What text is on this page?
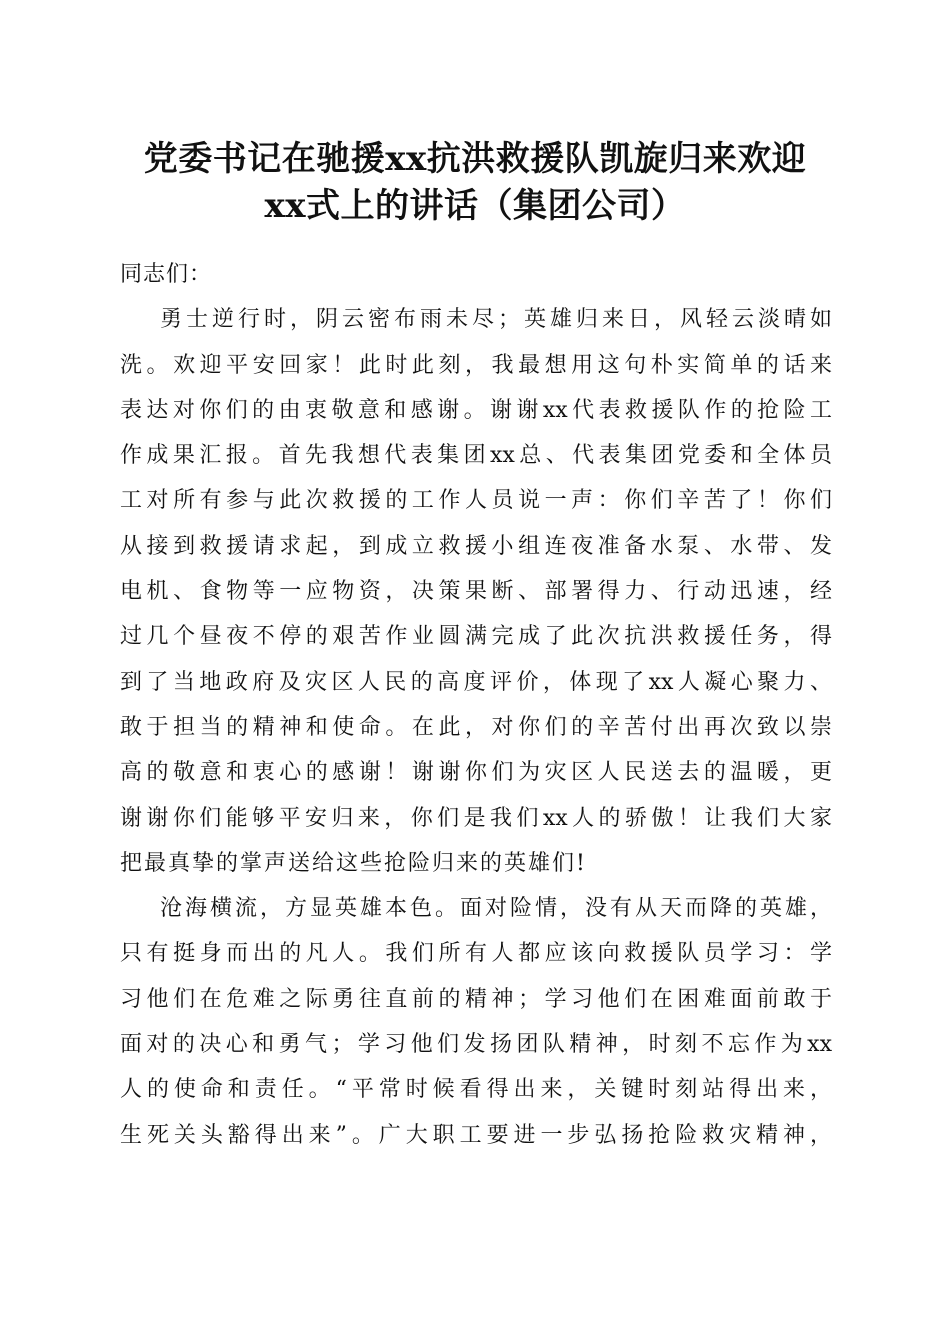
党委书记在驰援xx抗洪救援队凯旋归来欢迎
xx式上的讲话（集团公司）

同志们：

勇士逆行时，阴云密布雨未尽；英雄归来日，风轻云淡晴如
洗。欢迎平安回家！此时此刻，我最想用这句朴实简单的话来
表达对你们的由衷敬意和感谢。谢谢xx代表救援队作的抢险工
作成果汇报。首先我想代表集团xx总、代表集团党委和全体员
工对所有参与此次救援的工作人员说一声：你们辛苦了！你们
从接到救援请求起，到成立救援小组连夜准备水泵、水带、发
电机、食物等一应物资，决策果断、部署得力、行动迅速，经
过几个昼夜不停的艰苦作业圆满完成了此次抗洪救援任务，得
到了当地政府及灾区人民的高度评价，体现了xx人凝心聚力、
敢于担当的精神和使命。在此，对你们的辛苦付出再次致以崇
高的敬意和衷心的感谢！谢谢你们为灾区人民送去的温暖，更
谢谢你们能够平安归来，你们是我们xx人的骄傲！让我们大家
把最真挚的掌声送给这些抢险归来的英雄们!

沧海横流，方显英雄本色。面对险情，没有从天而降的英雄，
只有挺身而出的凡人。我们所有人都应该向救援队员学习：学
习他们在危难之际勇往直前的精神；学习他们在困难面前敢于
面对的决心和勇气；学习他们发扬团队精神，时刻不忘作为xx
人的使命和责任。“平常时候看得出来，关键时刻站得出来，
生死关头豁得出来”。广大职工要进一步弘扬抢险救灾精神，
